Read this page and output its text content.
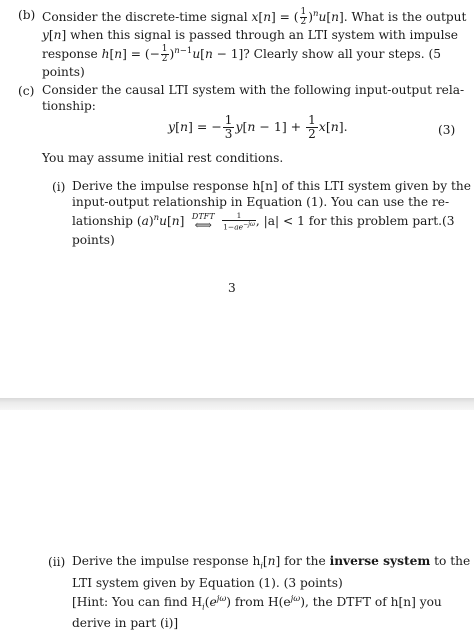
(b) Consider the discrete-time signal x[n] = ( $\frac{1}{2} )^nu[n]$. What is the output
y[n] when this signal is passed through an LTI system with impulse
response h[n] = (− $\frac{1}{2} )^{n-1}u[n - 1]$? Clearly show all your steps. (5
points)
(c) Consider the causal LTI system with the following input-output rela-
tionship:
y[n] = − $\frac{1}{3} y[n - 1] + \frac{1}{2} x[n]$.	(3)
You may assume initial rest conditions.
(i) Derive the impulse response h[n] of this LTI system given by the
input-output relationship in Equation (1). You can use the re-
lationship $(a)^nu[n]$ DTFT
⟺
	$\frac{1}{1-ae^{-j\omega}}$ , |a| < 1 for this problem part.(3
points)
3
(ii) Derive the impulse response $h_i[n]$ for the inverse system to the
LTI system given by Equation (1). (3 points)
[Hint: You can find $H_i(e^{j\omega})$ from $H(e^{j\omega})$, the DTFT of h[n] you
derive in part (i)]
